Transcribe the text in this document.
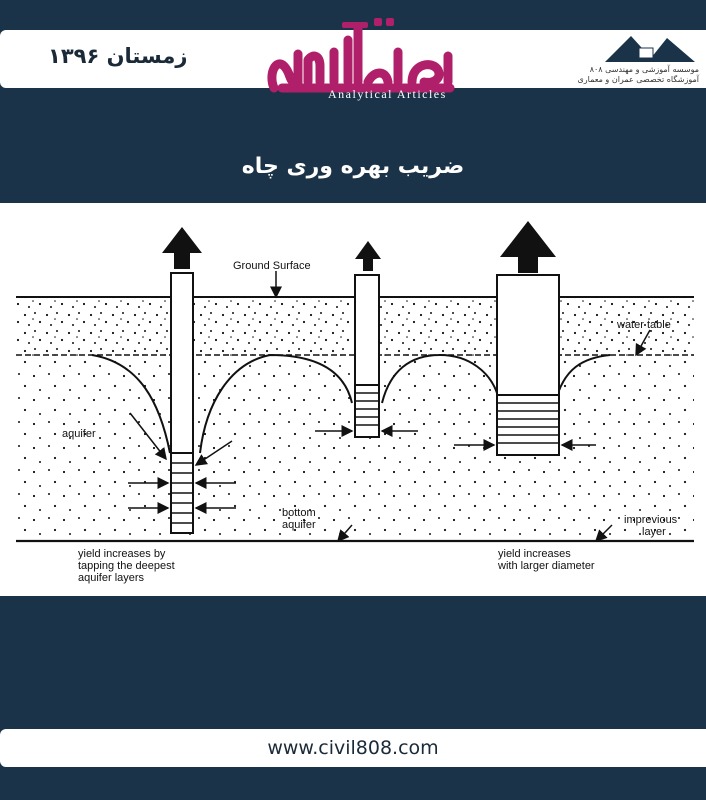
زمستان ۱۳۹۶
Analytical Articles
موسسه آموزشی و مهندسی ۸۰۸
آموزشگاه تخصصی عمران و معماری
ضریب بهره وری چاه
Ground Surface
water table
aquifer
bottom
aquifer	imprevious
layer
yield increases by
tapping the deepest
aquifer layers
yield increases
with larger diameter
www.civil808.com
